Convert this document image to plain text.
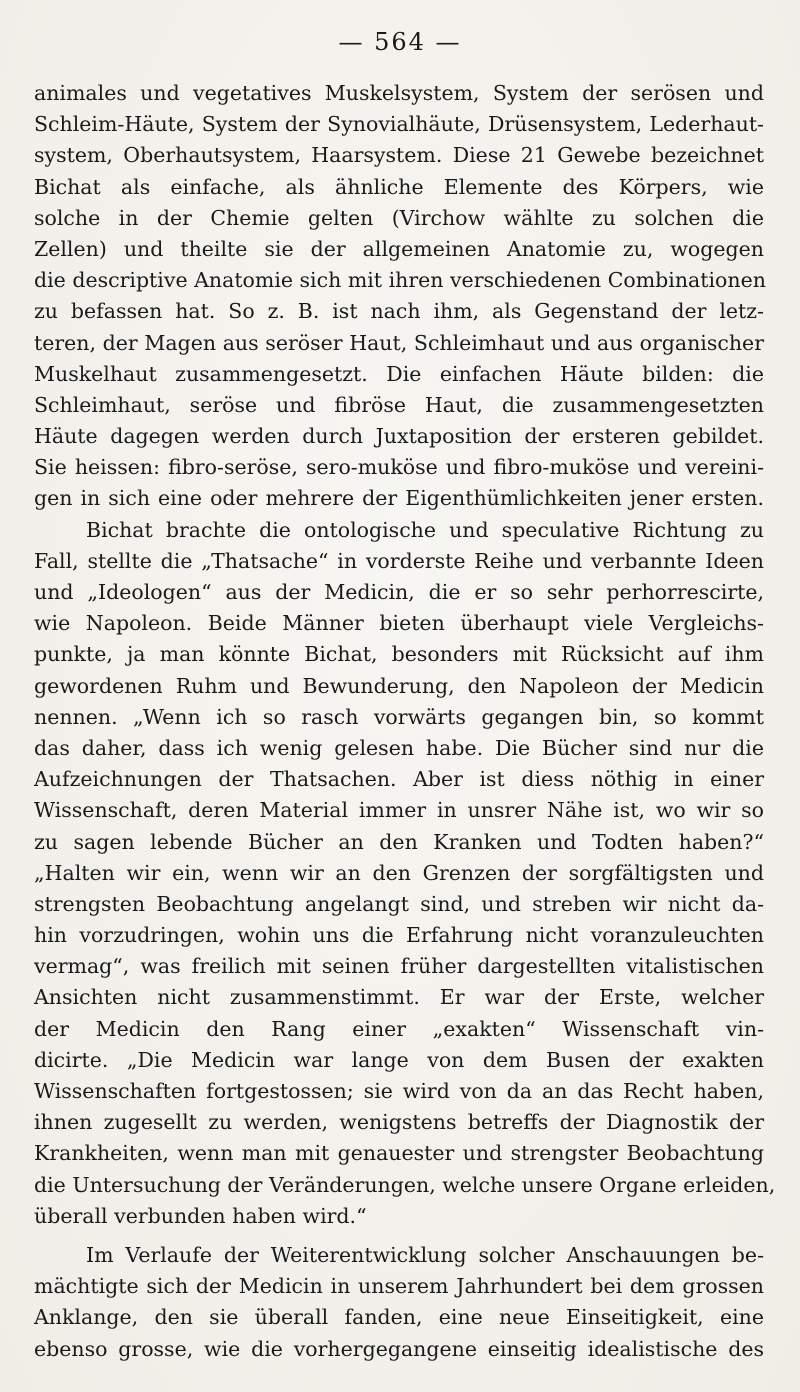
— 564 —
animales und vegetatives Muskelsystem, System der serösen und
Schleim-Häute, System der Synovialhäute, Drüsensystem, Lederhaut-
system, Oberhautsystem, Haarsystem. Diese 21 Gewebe bezeichnet
Bichat als einfache, als ähnliche Elemente des Körpers, wie
solche in der Chemie gelten (Virchow wählte zu solchen die
Zellen) und theilte sie der allgemeinen Anatomie zu, wogegen
die descriptive Anatomie sich mit ihren verschiedenen Combinationen
zu befassen hat. So z. B. ist nach ihm, als Gegenstand der letz-
teren, der Magen aus seröser Haut, Schleimhaut und aus organischer
Muskelhaut zusammengesetzt. Die einfachen Häute bilden: die
Schleimhaut, seröse und fibröse Haut, die zusammengesetzten
Häute dagegen werden durch Juxtaposition der ersteren gebildet.
Sie heissen: fibro-seröse, sero-muköse und fibro-muköse und vereini-
gen in sich eine oder mehrere der Eigenthümlichkeiten jener ersten.
Bichat brachte die ontologische und speculative Richtung zu
Fall, stellte die „Thatsache“ in vorderste Reihe und verbannte Ideen
und „Ideologen“ aus der Medicin, die er so sehr perhorrescirte,
wie Napoleon. Beide Männer bieten überhaupt viele Vergleichs-
punkte, ja man könnte Bichat, besonders mit Rücksicht auf ihm
gewordenen Ruhm und Bewunderung, den Napoleon der Medicin
nennen. „Wenn ich so rasch vorwärts gegangen bin, so kommt
das daher, dass ich wenig gelesen habe. Die Bücher sind nur die
Aufzeichnungen der Thatsachen. Aber ist diess nöthig in einer
Wissenschaft, deren Material immer in unsrer Nähe ist, wo wir so
zu sagen lebende Bücher an den Kranken und Todten haben?“
„Halten wir ein, wenn wir an den Grenzen der sorgfältigsten und
strengsten Beobachtung angelangt sind, und streben wir nicht da-
hin vorzudringen, wohin uns die Erfahrung nicht voranzuleuchten
vermag“, was freilich mit seinen früher dargestellten vitalistischen
Ansichten nicht zusammenstimmt. Er war der Erste, welcher
der Medicin den Rang einer „exakten“ Wissenschaft vin-
dicirte. „Die Medicin war lange von dem Busen der exakten
Wissenschaften fortgestossen; sie wird von da an das Recht haben,
ihnen zugesellt zu werden, wenigstens betreffs der Diagnostik der
Krankheiten, wenn man mit genauester und strengster Beobachtung
die Untersuchung der Veränderungen, welche unsere Organe erleiden,
überall verbunden haben wird.“
Im Verlaufe der Weiterentwicklung solcher Anschauungen be-
mächtigte sich der Medicin in unserem Jahrhundert bei dem grossen
Anklange, den sie überall fanden, eine neue Einseitigkeit, eine
ebenso grosse, wie die vorhergegangene einseitig idealistische des
